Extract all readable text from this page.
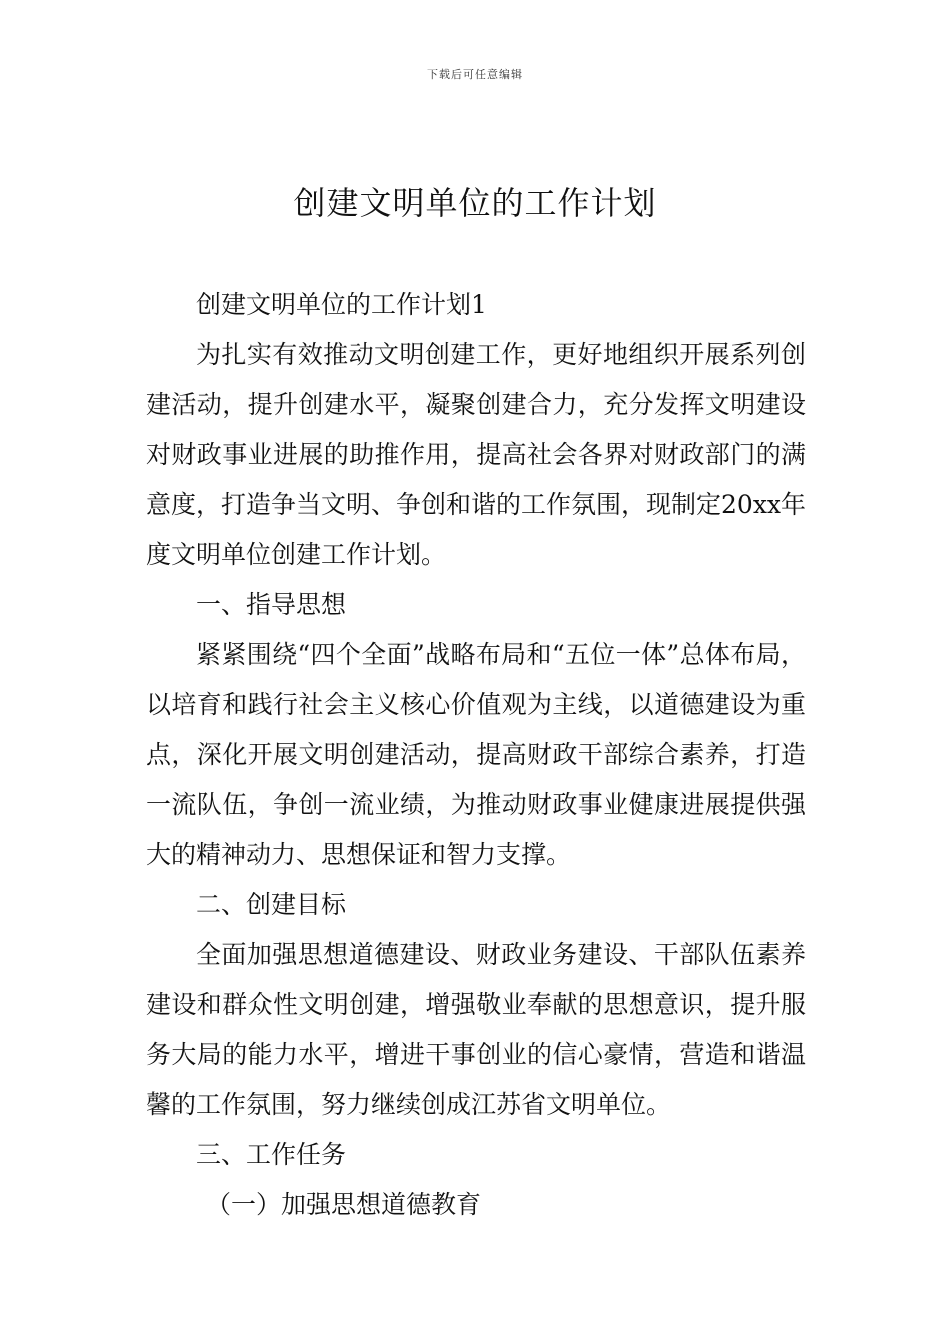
下载后可任意编辑
创建文明单位的工作计划

创建文明单位的工作计划1

为扎实有效推动文明创建工作，更好地组织开展系列创建活动，提升创建水平，凝聚创建合力，充分发挥文明建设对财政事业进展的助推作用，提高社会各界对财政部门的满意度，打造争当文明、争创和谐的工作氛围，现制定20xx年度文明单位创建工作计划。

一、指导思想

紧紧围绕“四个全面”战略布局和“五位一体”总体布局，以培育和践行社会主义核心价值观为主线，以道德建设为重点，深化开展文明创建活动，提高财政干部综合素养，打造一流队伍，争创一流业绩，为推动财政事业健康进展提供强大的精神动力、思想保证和智力支撑。

二、创建目标

全面加强思想道德建设、财政业务建设、干部队伍素养建设和群众性文明创建，增强敬业奉献的思想意识，提升服务大局的能力水平，增进干事创业的信心豪情，营造和谐温馨的工作氛围，努力继续创成江苏省文明单位。

三、工作任务

（一）加强思想道德教育
